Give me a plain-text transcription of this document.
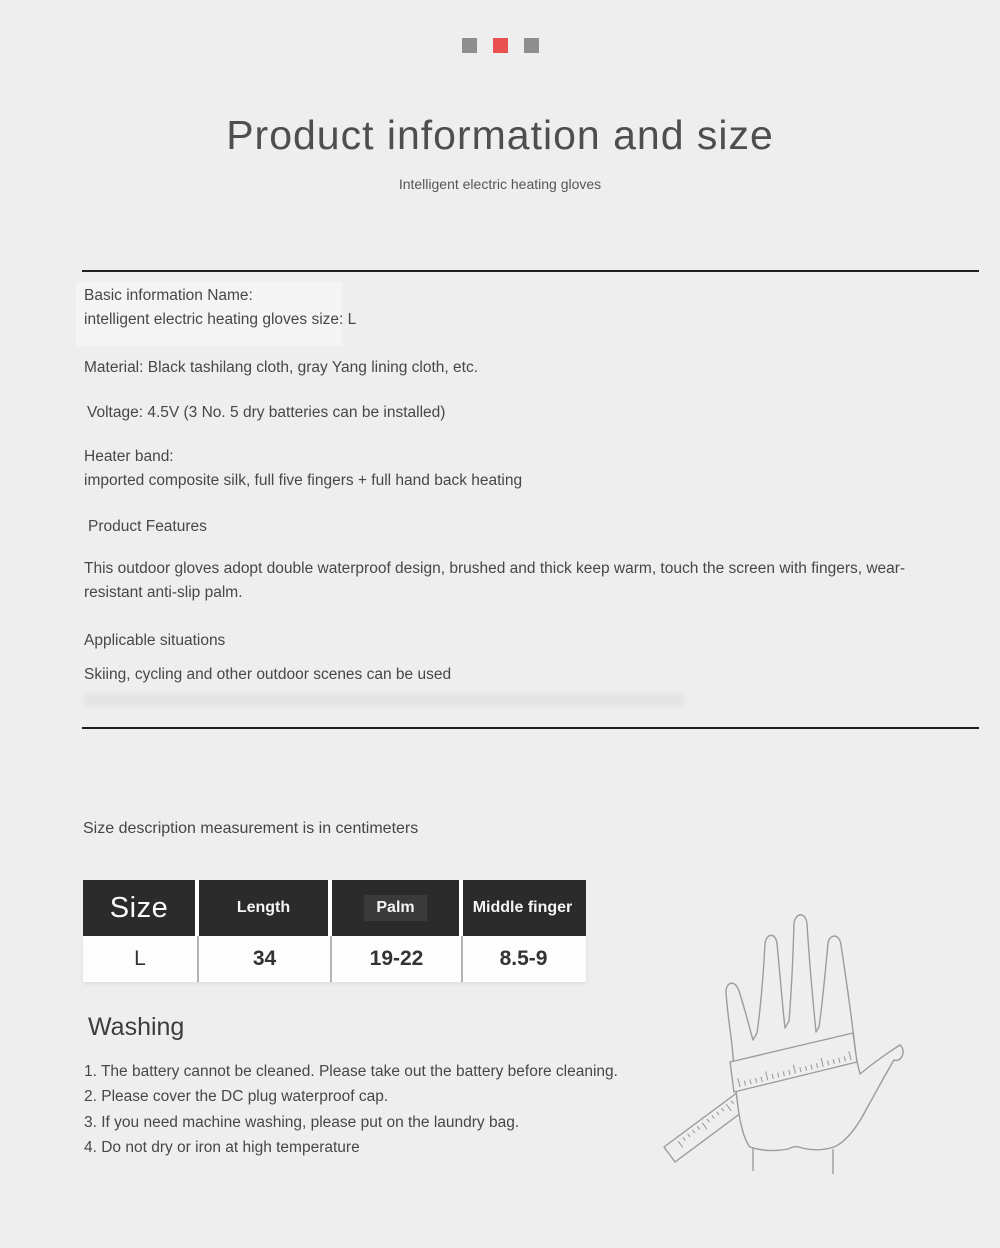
Product information and size
Intelligent electric heating gloves
Basic information Name:
intelligent electric heating gloves size: L
Material: Black tashilang cloth, gray Yang lining cloth, etc.
Voltage: 4.5V (3 No. 5 dry batteries can be installed)
Heater band:
imported composite silk, full five fingers + full hand back heating
Product Features
This outdoor gloves adopt double waterproof design, brushed and thick keep warm, touch the screen with fingers, wear-resistant anti-slip palm.
Applicable situations
Skiing, cycling and other outdoor scenes can be used
Size description measurement is in centimeters
Size	Length	Palm	Middle finger
L	34	19-22	8.5-9
Washing
1. The battery cannot be cleaned. Please take out the battery before cleaning.
2. Please cover the DC plug waterproof cap.
3. If you need machine washing, please put on the laundry bag.
4. Do not dry or iron at high temperature
